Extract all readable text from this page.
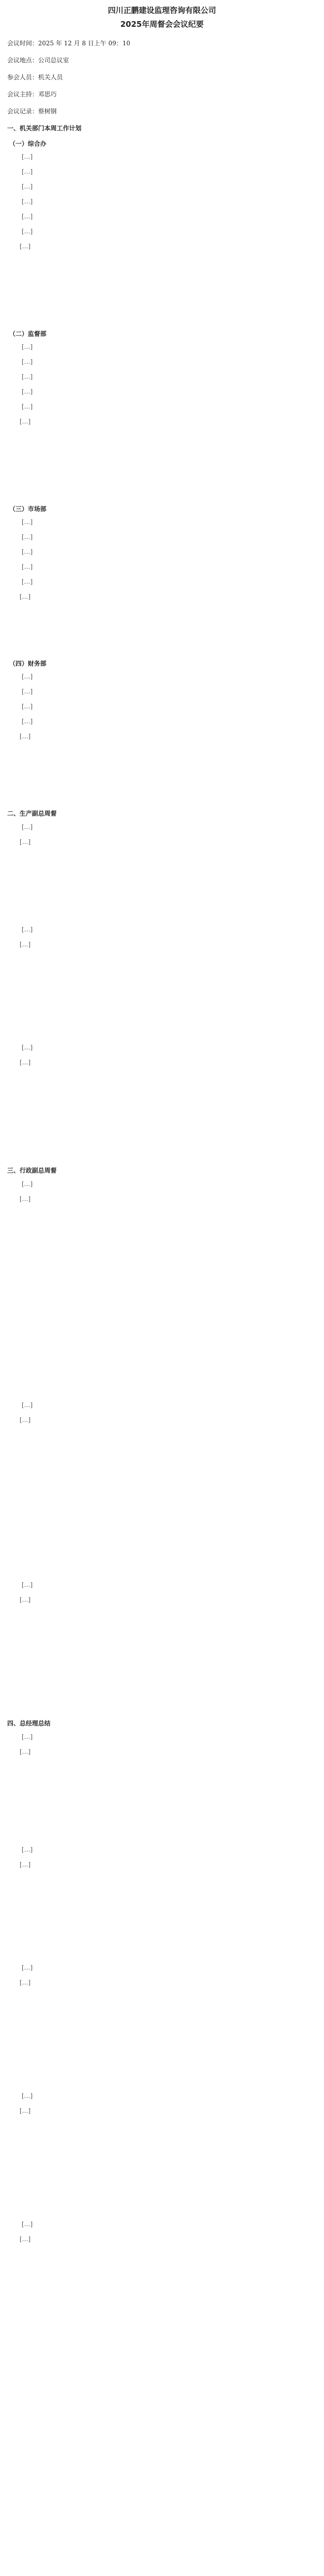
四川正鹏建设监理咨询有限公司
2025年周督会会议纪要
会议时间：2025 年 12 月 8 日上午 09：10
会议地点：公司总议室
参会人员：机关人员
会议主持：邓思巧
会议记录：蔡树钢
一、机关部门本周工作计划
（一）综合办
[…]
[…]
[…]
[…]
[…]
[…]
[…]
（二）监督部
[…]
[…]
[…]
[…]
[…]
[…]
（三）市场部
[…]
[…]
[…]
[…]
[…]
[…]
（四）财务部
[…]
[…]
[…]
[…]
[…]
二、生产副总周督
[…]
[…]
[…]
[…]
[…]
[…]
三、行政副总周督
[…]
[…]
[…]
[…]
[…]
[…]
四、总经理总结
[…]
[…]
[…]
[…]
[…]
[…]
[…]
[…]
[…]
[…]
